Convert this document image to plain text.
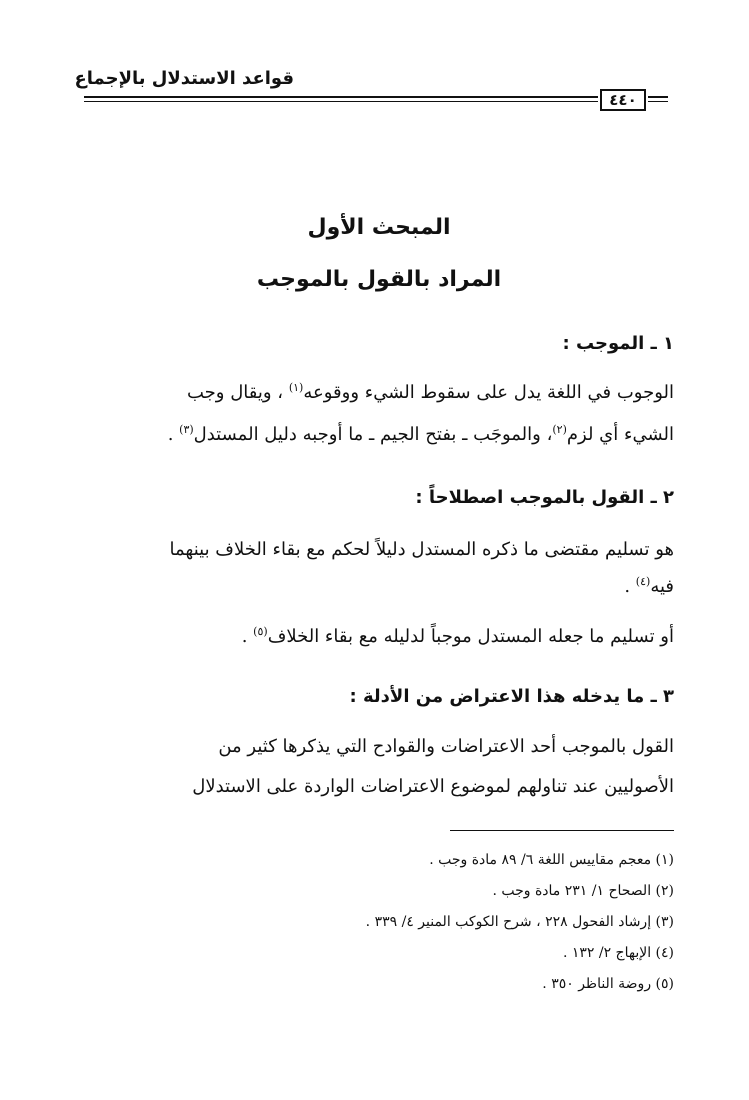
قواعد الاستدلال بالإجماع
٤٤٠
المبحث الأول
المراد بالقول بالموجب
١ ـ الموجب :
الوجوب في اللغة يدل على سقوط الشيء ووقوعه$^{(١)}$ ، ويقال وجب
الشيء أي لزم$^{(٢)}$، والموجَب ـ بفتح الجيم ـ ما أوجبه دليل المستدل$^{(٣)}$ .
٢ ـ القول بالموجب اصطلاحاً :
هو تسليم مقتضى ما ذكره المستدل دليلاً لحكم مع بقاء الخلاف بينهما
فيه$^{(٤)}$ .
أو تسليم ما جعله المستدل موجباً لدليله مع بقاء الخلاف$^{(٥)}$ .
٣ ـ ما يدخله هذا الاعتراض من الأدلة :
القول بالموجب أحد الاعتراضات والقوادح التي يذكرها كثير من
الأصوليين عند تناولهم لموضوع الاعتراضات الواردة على الاستدلال
(١) معجم مقاييس اللغة ٦/ ٨٩ مادة وجب .
(٢) الصحاح ١/ ٢٣١ مادة وجب .
(٣) إرشاد الفحول ٢٢٨ ، شرح الكوكب المنير ٤/ ٣٣٩ .
(٤) الإبهاج ٢/ ١٣٢ .
(٥) روضة الناظر ٣٥٠ .
